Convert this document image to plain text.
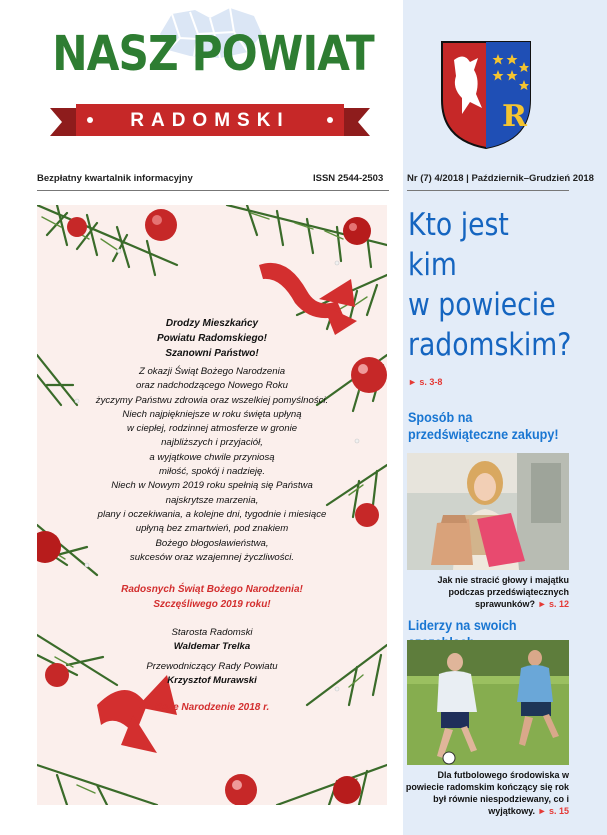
NASZ POWIAT
RADOMSKI	R
Bezpłatny kwartalnik informacyjny	ISSN 2544-2503	Nr (7) 4/2018 | Październik–Grudzień 2018
Drodzy Mieszkańcy
Powiatu Radomskiego!
Szanowni Państwo!
Z okazji Świąt Bożego Narodzenia
oraz nadchodzącego Nowego Roku
życzymy Państwu zdrowia oraz wszelkiej pomyślności.
Niech najpiękniejsze w roku święta upłyną
w ciepłej, rodzinnej atmosferze w gronie
najbliższych i przyjaciół,
a wyjątkowe chwile przyniosą
miłość, spokój i nadzieję.
Niech w Nowym 2019 roku spełnią się Państwa
najskrytsze marzenia,
plany i oczekiwania, a kolejne dni, tygodnie i miesiące
upłyną bez zmartwień, pod znakiem
Bożego błogosławieństwa,
sukcesów oraz wzajemnej życzliwości.
Radosnych Świąt Bożego Narodzenia!
Szczęśliwego 2019 roku!
Starosta Radomski
Waldemar Trelka
Przewodniczący Rady Powiatu
Krzysztof Murawski
Boże Narodzenie 2018 r.
Kto jest
kim
w powiecie
radomskim?
► s. 3-8
Sposób na
przedświąteczne zakupy!
Jak nie stracić głowy i majątku podczas przedświątecznych sprawunków? ► s. 12
Liderzy na swoich
Dla futbolowego środowiska w powiecie radomskim kończący się rok był równie niespodziewany, co i wyjątkowy. ► s. 15
